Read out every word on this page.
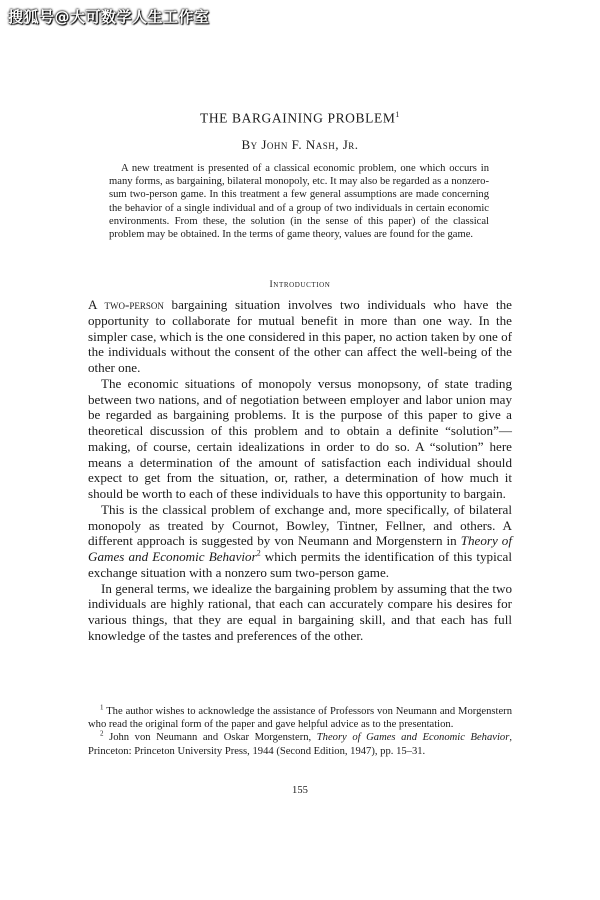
搜狐号@大可数学人生工作室
THE BARGAINING PROBLEM$^1$
By John F. Nash, Jr.

A new treatment is presented of a classical economic problem, one which occurs in many forms, as bargaining, bilateral monopoly, etc. It may also be regarded as a nonzero-sum two-person game. In this treatment a few general assumptions are made concerning the behavior of a single individual and of a group of two individuals in certain economic environments. From these, the solution (in the sense of this paper) of the classical problem may be obtained. In the terms of game theory, values are found for the game.

Introduction

A two-person bargaining situation involves two individuals who have the opportunity to collaborate for mutual benefit in more than one way. In the simpler case, which is the one considered in this paper, no action taken by one of the individuals without the consent of the other can affect the well-being of the other one.

The economic situations of monopoly versus monopsony, of state trading between two nations, and of negotiation between employer and labor union may be regarded as bargaining problems. It is the purpose of this paper to give a theoretical discussion of this problem and to obtain a definite “solution”—making, of course, certain idealizations in order to do so. A “solution” here means a determination of the amount of satisfaction each individual should expect to get from the situation, or, rather, a determination of how much it should be worth to each of these individuals to have this opportunity to bargain.

This is the classical problem of exchange and, more specifically, of bilateral monopoly as treated by Cournot, Bowley, Tintner, Fellner, and others. A different approach is suggested by von Neumann and Morgenstern in Theory of Games and Economic Behavior$^2$ which permits the identification of this typical exchange situation with a nonzero sum two-person game.

In general terms, we idealize the bargaining problem by assuming that the two individuals are highly rational, that each can accurately compare his desires for various things, that they are equal in bargaining skill, and that each has full knowledge of the tastes and preferences of the other.

$^1$ The author wishes to acknowledge the assistance of Professors von Neumann and Morgenstern who read the original form of the paper and gave helpful advice as to the presentation.

$^2$ John von Neumann and Oskar Morgenstern, Theory of Games and Economic Behavior, Princeton: Princeton University Press, 1944 (Second Edition, 1947), pp. 15–31.

155
